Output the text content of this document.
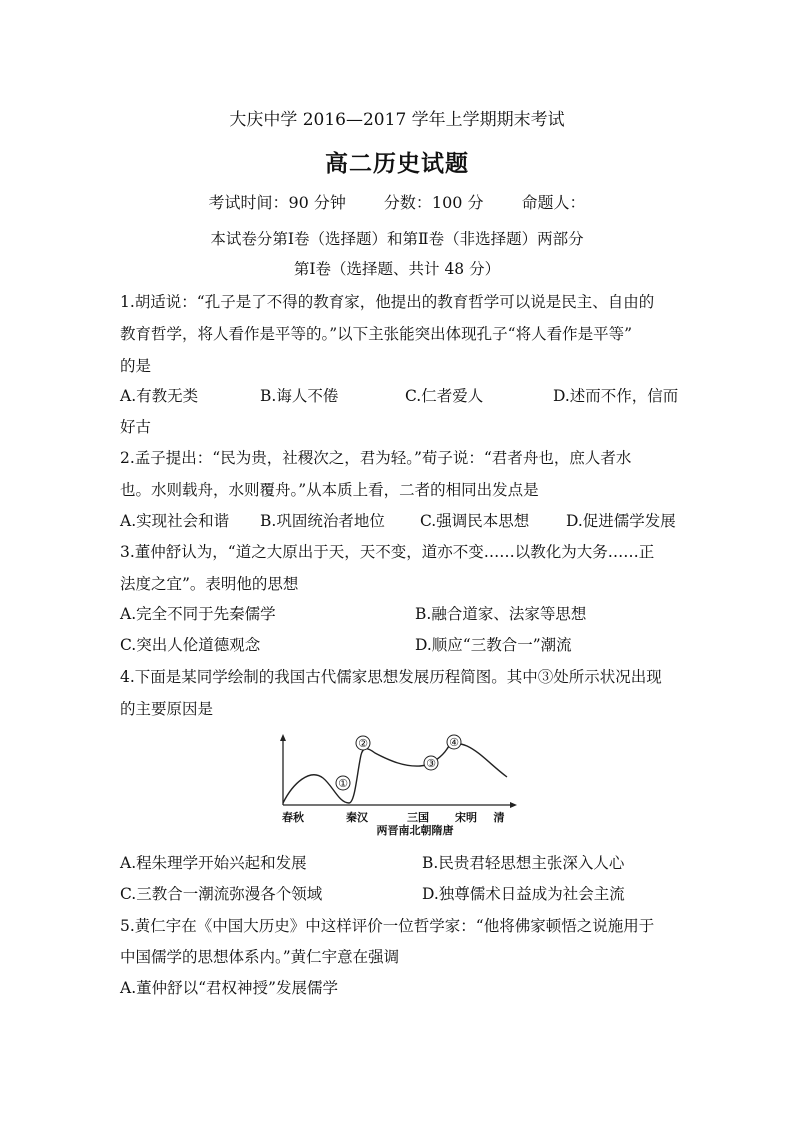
大庆中学 2016—2017 学年上学期期末考试
高二历史试题
考试时间：90 分钟 分数：100 分 命题人：
本试卷分第Ⅰ卷（选择题）和第Ⅱ卷（非选择题）两部分
第Ⅰ卷（选择题、共计 48 分）
1.胡适说：“孔子是了不得的教育家，他提出的教育哲学可以说是民主、自由的
教育哲学，将人看作是平等的。”以下主张能突出体现孔子“将人看作是平等”
的是
A.有教无类	B.诲人不倦	C.仁者爱人	D.述而不作，信而
好古
2.孟子提出：“民为贵，社稷次之，君为轻。”荀子说：“君者舟也，庶人者水
也。水则载舟，水则覆舟。”从本质上看，二者的相同出发点是
A.实现社会和谐 B.巩固统治者地位 C.强调民本思想 D.促进儒学发展
3.董仲舒认为，“道之大原出于天，天不变，道亦不变……以教化为大务……正
法度之宜”。表明他的思想
A.完全不同于先秦儒学	B.融合道家、法家等思想
C.突出人伦道德观念	D.顺应“三教合一”潮流
4.下面是某同学绘制的我国古代儒家思想发展历程简图。其中③处所示状况出现
的主要原因是
①
②
③
④
春秋	秦汉	三国 宋明 清
两晋南北朝隋唐
A.程朱理学开始兴起和发展	B.民贵君轻思想主张深入人心
C.三教合一潮流弥漫各个领域	D.独尊儒术日益成为社会主流
5.黄仁宇在《中国大历史》中这样评价一位哲学家：“他将佛家顿悟之说施用于
中国儒学的思想体系内。”黄仁宇意在强调
A.董仲舒以“君权神授”发展儒学
